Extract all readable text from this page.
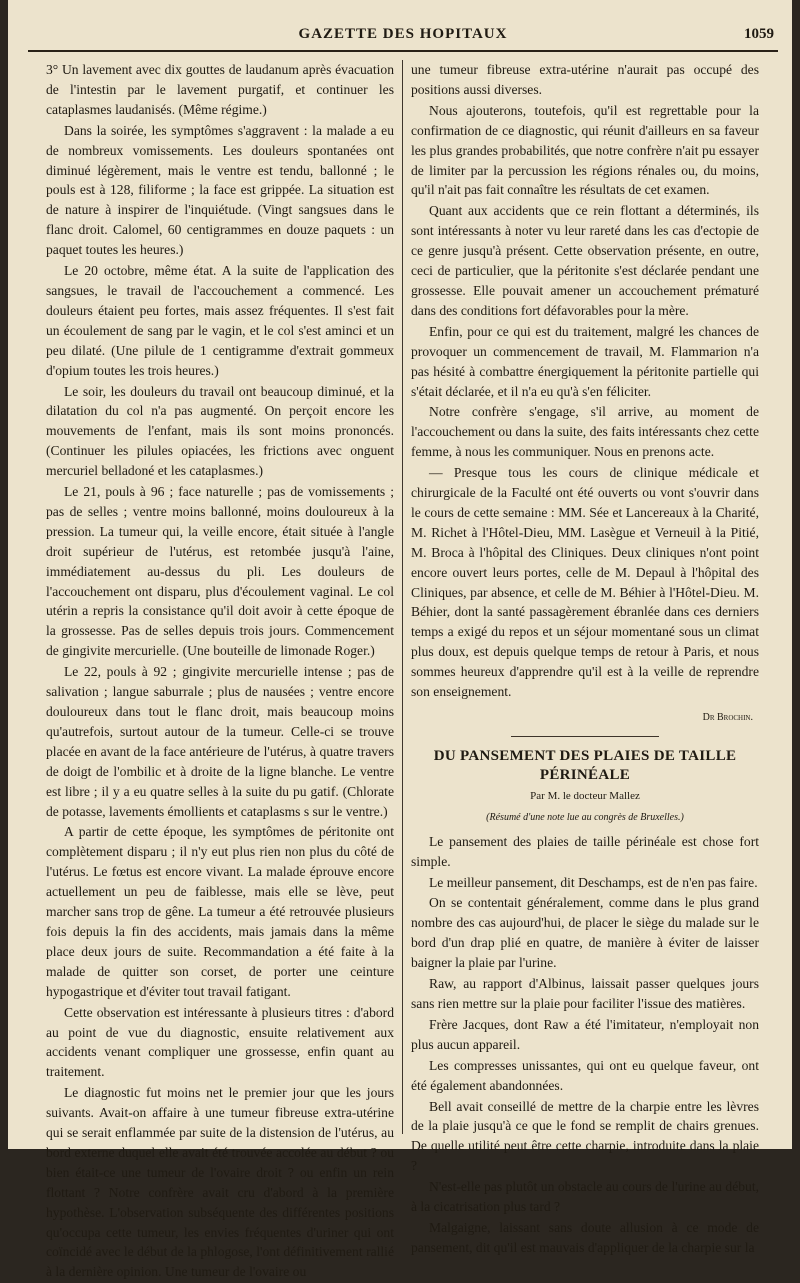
GAZETTE DES HOPITAUX	1059

3° Un lavement avec dix gouttes de laudanum après évacuation de l'intestin par le lavement purgatif, et continuer les cataplasmes laudanisés. (Même régime.)

Dans la soirée, les symptômes s'aggravent : la malade a eu de nombreux vomissements. Les douleurs spontanées ont diminué légèrement, mais le ventre est tendu, ballonné ; le pouls est à 128, filiforme ; la face est grippée. La situation est de nature à inspirer de l'inquiétude. (Vingt sangsues dans le flanc droit. Calomel, 60 centigrammes en douze paquets : un paquet toutes les heures.)

Le 20 octobre, même état. A la suite de l'application des sangsues, le travail de l'accouchement a commencé. Les douleurs étaient peu fortes, mais assez fréquentes. Il s'est fait un écoulement de sang par le vagin, et le col s'est aminci et un peu dilaté. (Une pilule de 1 centigramme d'extrait gommeux d'opium toutes les trois heures.)

Le soir, les douleurs du travail ont beaucoup diminué, et la dilatation du col n'a pas augmenté. On perçoit encore les mouvements de l'enfant, mais ils sont moins prononcés. (Continuer les pilules opiacées, les frictions avec onguent mercuriel belladoné et les cataplasmes.)

Le 21, pouls à 96 ; face naturelle ; pas de vomissements ; pas de selles ; ventre moins ballonné, moins douloureux à la pression. La tumeur qui, la veille encore, était située à l'angle droit supérieur de l'utérus, est retombée jusqu'à l'aine, immédiatement au-dessus du pli. Les douleurs de l'accouchement ont disparu, plus d'écoulement vaginal. Le col utérin a repris la consistance qu'il doit avoir à cette époque de la grossesse. Pas de selles depuis trois jours. Commencement de gingivite mercurielle. (Une bouteille de limonade Roger.)

Le 22, pouls à 92 ; gingivite mercurielle intense ; pas de salivation ; langue saburrale ; plus de nausées ; ventre encore douloureux dans tout le flanc droit, mais beaucoup moins qu'autrefois, surtout autour de la tumeur. Celle-ci se trouve placée en avant de la face antérieure de l'utérus, à quatre travers de doigt de l'ombilic et à droite de la ligne blanche. Le ventre est libre ; il y a eu quatre selles à la suite du pu gatif. (Chlorate de potasse, lavements émollients et cataplasms s sur le ventre.)

A partir de cette époque, les symptômes de péritonite ont complètement disparu ; il n'y eut plus rien non plus du côté de l'utérus. Le fœtus est encore vivant. La malade éprouve encore actuellement un peu de faiblesse, mais elle se lève, peut marcher sans trop de gêne. La tumeur a été retrouvée plusieurs fois depuis la fin des accidents, mais jamais dans la même place deux jours de suite. Recommandation a été faite à la malade de quitter son corset, de porter une ceinture hypogastrique et d'éviter tout travail fatigant.

Cette observation est intéressante à plusieurs titres : d'abord au point de vue du diagnostic, ensuite relativement aux accidents venant compliquer une grossesse, enfin quant au traitement.

Le diagnostic fut moins net le premier jour que les jours suivants. Avait-on affaire à une tumeur fibreuse extra-utérine qui se serait enflammée par suite de la distension de l'utérus, au bord externe duquel elle avait été trouvée accolée au début ? ou bien était-ce une tumeur de l'ovaire droit ? ou enfin un rein flottant ? Notre confrère avait cru d'abord à la première hypothèse. L'observation subséquente des différentes positions qu'occupa cette tumeur, les envies fréquentes d'uriner qui ont coïncidé avec le début de la phlogose, l'ont définitivement rallié à la dernière opinion. Une tumeur de l'ovaire ou

une tumeur fibreuse extra-utérine n'aurait pas occupé des positions aussi diverses.

Nous ajouterons, toutefois, qu'il est regrettable pour la confirmation de ce diagnostic, qui réunit d'ailleurs en sa faveur les plus grandes probabilités, que notre confrère n'ait pu essayer de limiter par la percussion les régions rénales ou, du moins, qu'il n'ait pas fait connaître les résultats de cet examen.

Quant aux accidents que ce rein flottant a déterminés, ils sont intéressants à noter vu leur rareté dans les cas d'ectopie de ce genre jusqu'à présent. Cette observation présente, en outre, ceci de particulier, que la péritonite s'est déclarée pendant une grossesse. Elle pouvait amener un accouchement prématuré dans des conditions fort défavorables pour la mère.

Enfin, pour ce qui est du traitement, malgré les chances de provoquer un commencement de travail, M. Flammarion n'a pas hésité à combattre énergiquement la péritonite partielle qui s'était déclarée, et il n'a eu qu'à s'en féliciter.

Notre confrère s'engage, s'il arrive, au moment de l'accouchement ou dans la suite, des faits intéressants chez cette femme, à nous les communiquer. Nous en prenons acte.

— Presque tous les cours de clinique médicale et chirurgicale de la Faculté ont été ouverts ou vont s'ouvrir dans le cours de cette semaine : MM. Sée et Lancereaux à la Charité, M. Richet à l'Hôtel-Dieu, MM. Lasègue et Verneuil à la Pitié, M. Broca à l'hôpital des Cliniques. Deux cliniques n'ont point encore ouvert leurs portes, celle de M. Depaul à l'hôpital des Cliniques, par absence, et celle de M. Béhier à l'Hôtel-Dieu. M. Béhier, dont la santé passagèrement ébranlée dans ces derniers temps a exigé du repos et un séjour momentané sous un climat plus doux, est depuis quelque temps de retour à Paris, et nous sommes heureux d'apprendre qu'il est à la veille de reprendre son enseignement.

Dr Brochin.
DU PANSEMENT DES PLAIES DE TAILLE PÉRINÉALE
Par M. le docteur Mallez
(Résumé d'une note lue au congrès de Bruxelles.)

Le pansement des plaies de taille périnéale est chose fort simple.

Le meilleur pansement, dit Deschamps, est de n'en pas faire.

On se contentait généralement, comme dans le plus grand nombre des cas aujourd'hui, de placer le siège du malade sur le bord d'un drap plié en quatre, de manière à éviter de laisser baigner la plaie par l'urine.

Raw, au rapport d'Albinus, laissait passer quelques jours sans rien mettre sur la plaie pour faciliter l'issue des matières.

Frère Jacques, dont Raw a été l'imitateur, n'employait non plus aucun appareil.

Les compresses unissantes, qui ont eu quelque faveur, ont été également abandonnées.

Bell avait conseillé de mettre de la charpie entre les lèvres de la plaie jusqu'à ce que le fond se remplit de chairs grenues. De quelle utilité peut être cette charpie, introduite dans la plaie ?

N'est-elle pas plutôt un obstacle au cours de l'urine au début, à la cicatrisation plus tard ?

Malgaigne, laissant sans doute allusion à ce mode de pansement, dit qu'il est mauvais d'appliquer de la charpie sur la
